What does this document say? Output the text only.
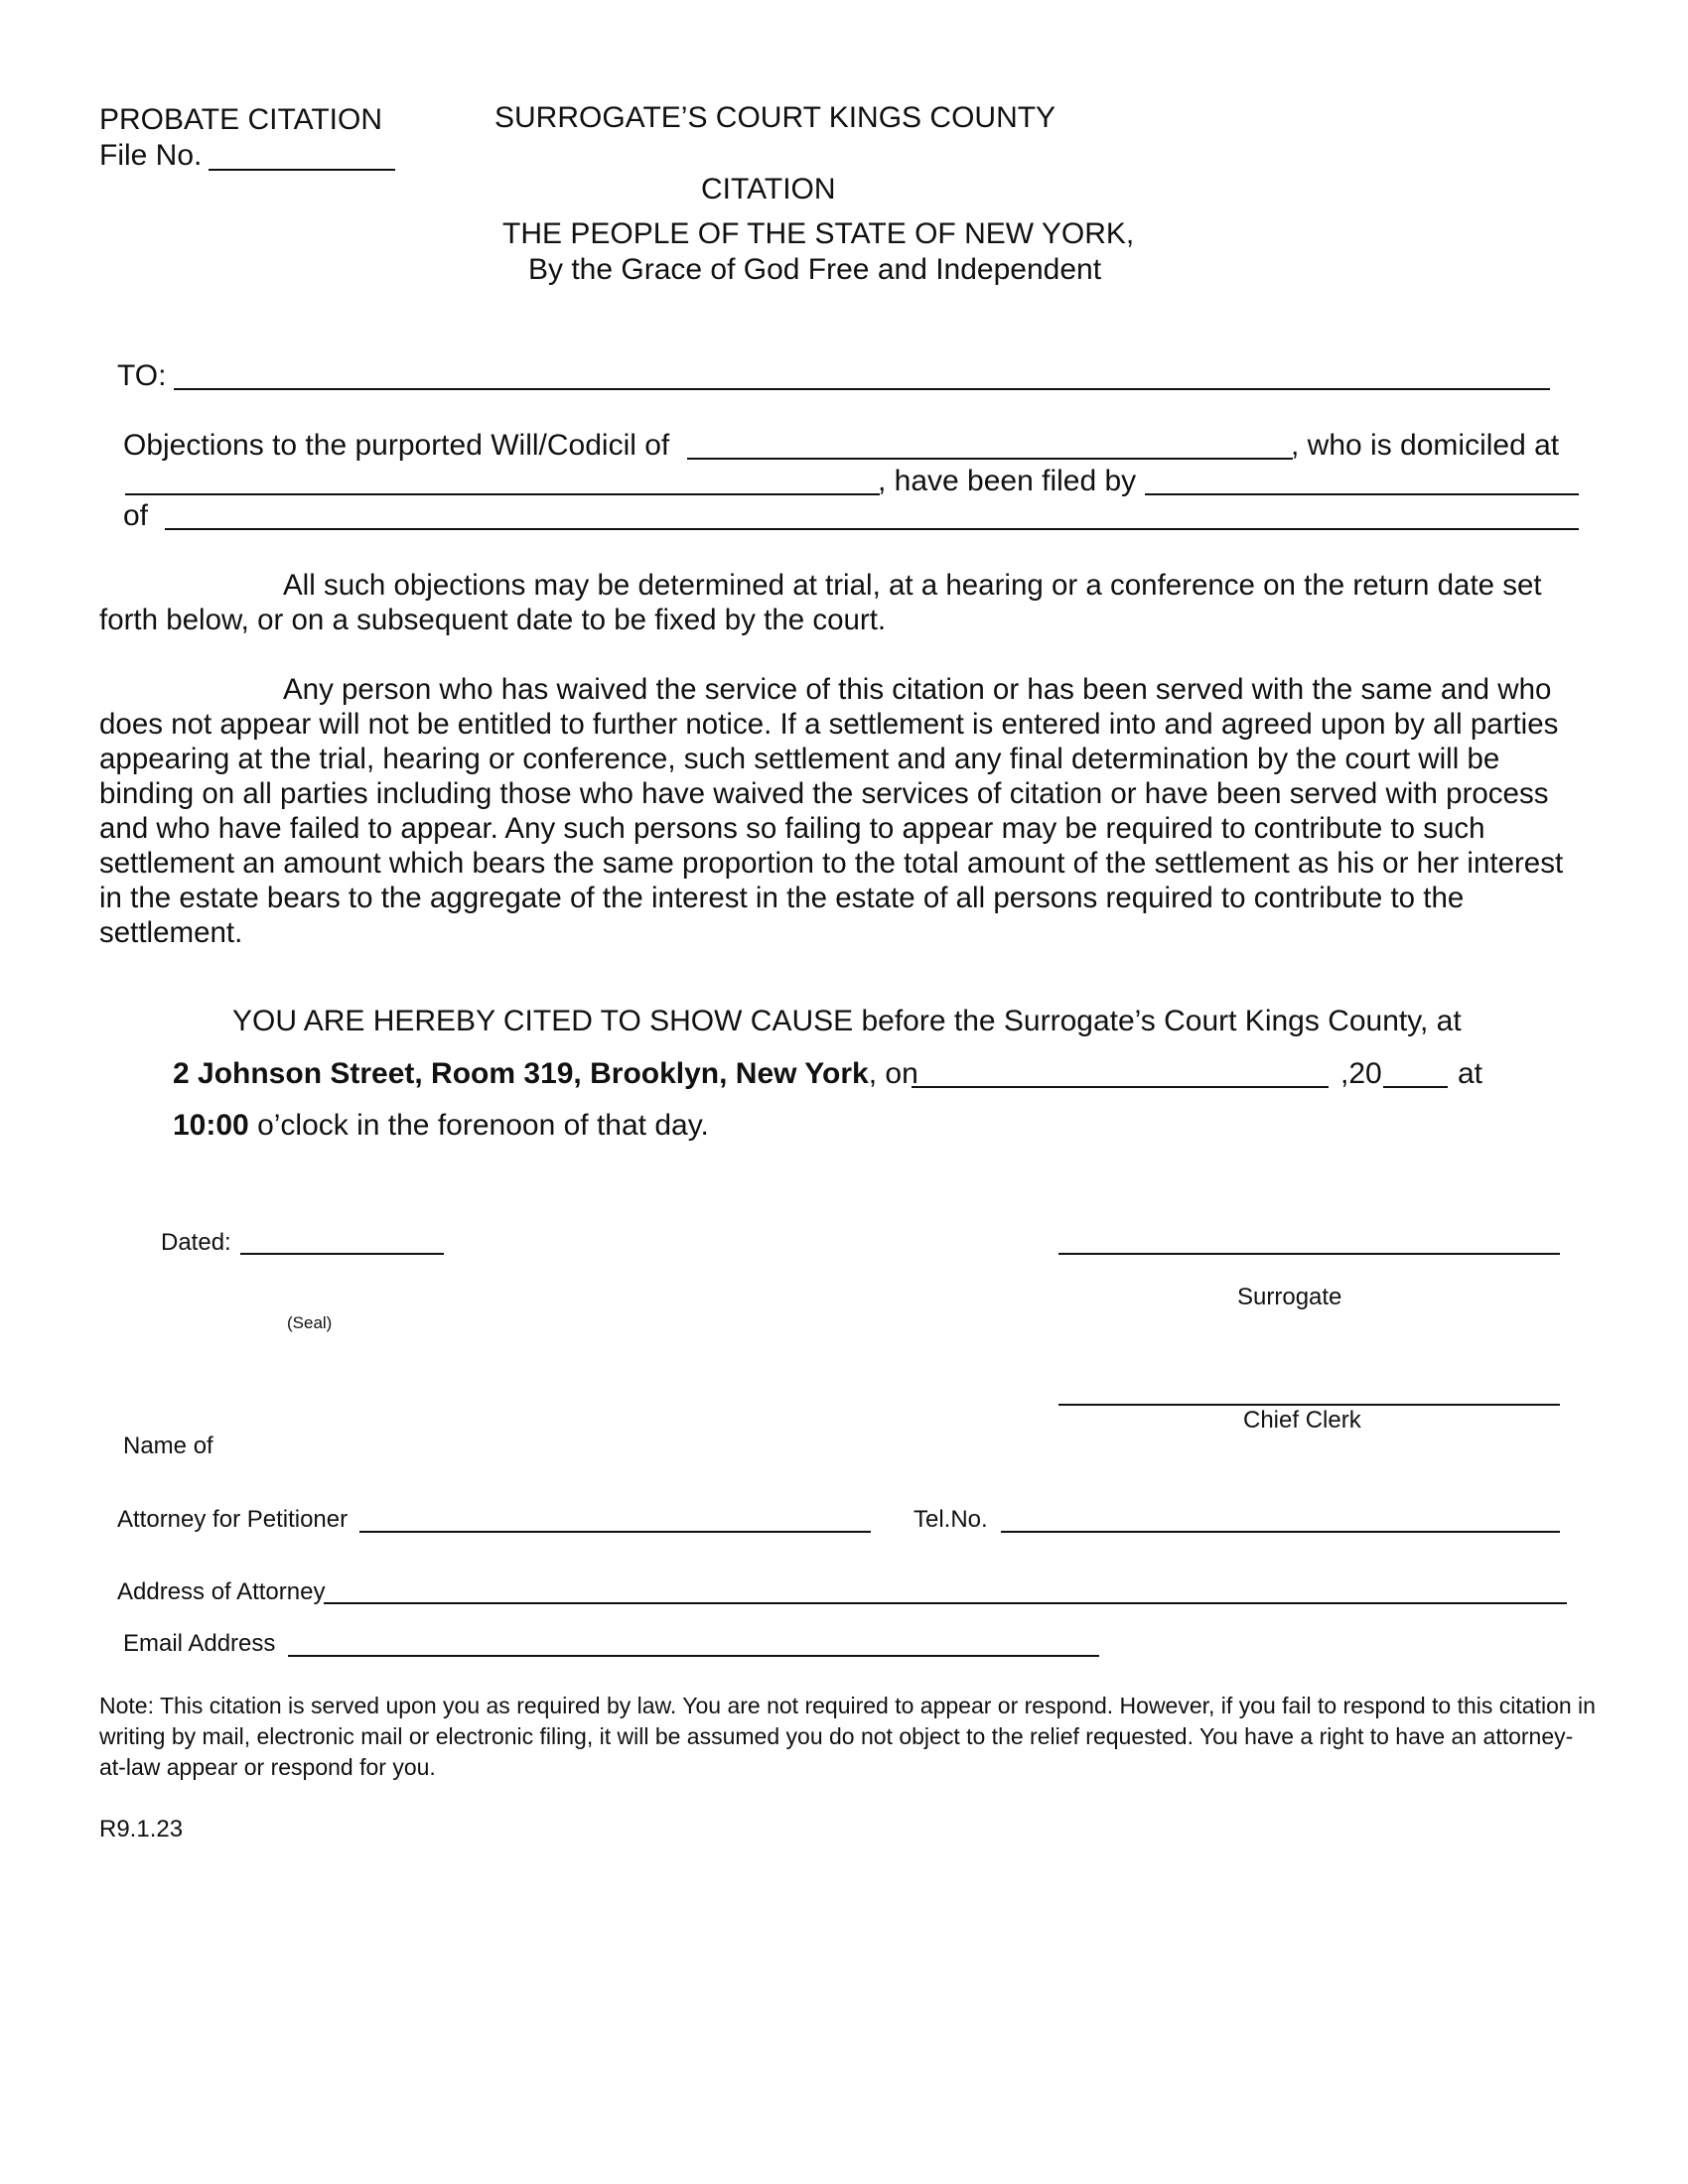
PROBATE CITATION
File No.
SURROGATE’S COURT KINGS COUNTY
CITATION
THE PEOPLE OF THE STATE OF NEW YORK,
By the Grace of God Free and Independent
TO:
Objections to the purported Will/Codicil of	, who is domiciled at
, have been filed by
of
All such objections may be determined at trial, at a hearing or a conference on the return date set forth below, or on a subsequent date to be fixed by the court.
Any person who has waived the service of this citation or has been served with the same and who does not appear will not be entitled to further notice. If a settlement is entered into and agreed upon by all parties appearing at the trial, hearing or conference, such settlement and any final determination by the court will be binding on all parties including those who have waived the services of citation or have been served with process and who have failed to appear. Any such persons so failing to appear may be required to contribute to such settlement an amount which bears the same proportion to the total amount of the settlement as his or her interest in the estate bears to the aggregate of the interest in the estate of all persons required to contribute to the settlement.
YOU ARE HEREBY CITED TO SHOW CAUSE before the Surrogate’s Court Kings County, at
2 Johnson Street, Room 319, Brooklyn, New York, on	,20	at
10:00 o’clock in the forenoon of that day.
Dated:
Surrogate
(Seal)
Chief Clerk
Name of
Attorney for Petitioner	Tel.No.
Address of Attorney
Email Address
Note: This citation is served upon you as required by law. You are not required to appear or respond. However, if you fail to respond to this citation in writing by mail, electronic mail or electronic filing, it will be assumed you do not object to the relief requested. You have a right to have an attorney-at-law appear or respond for you.
R9.1.23
